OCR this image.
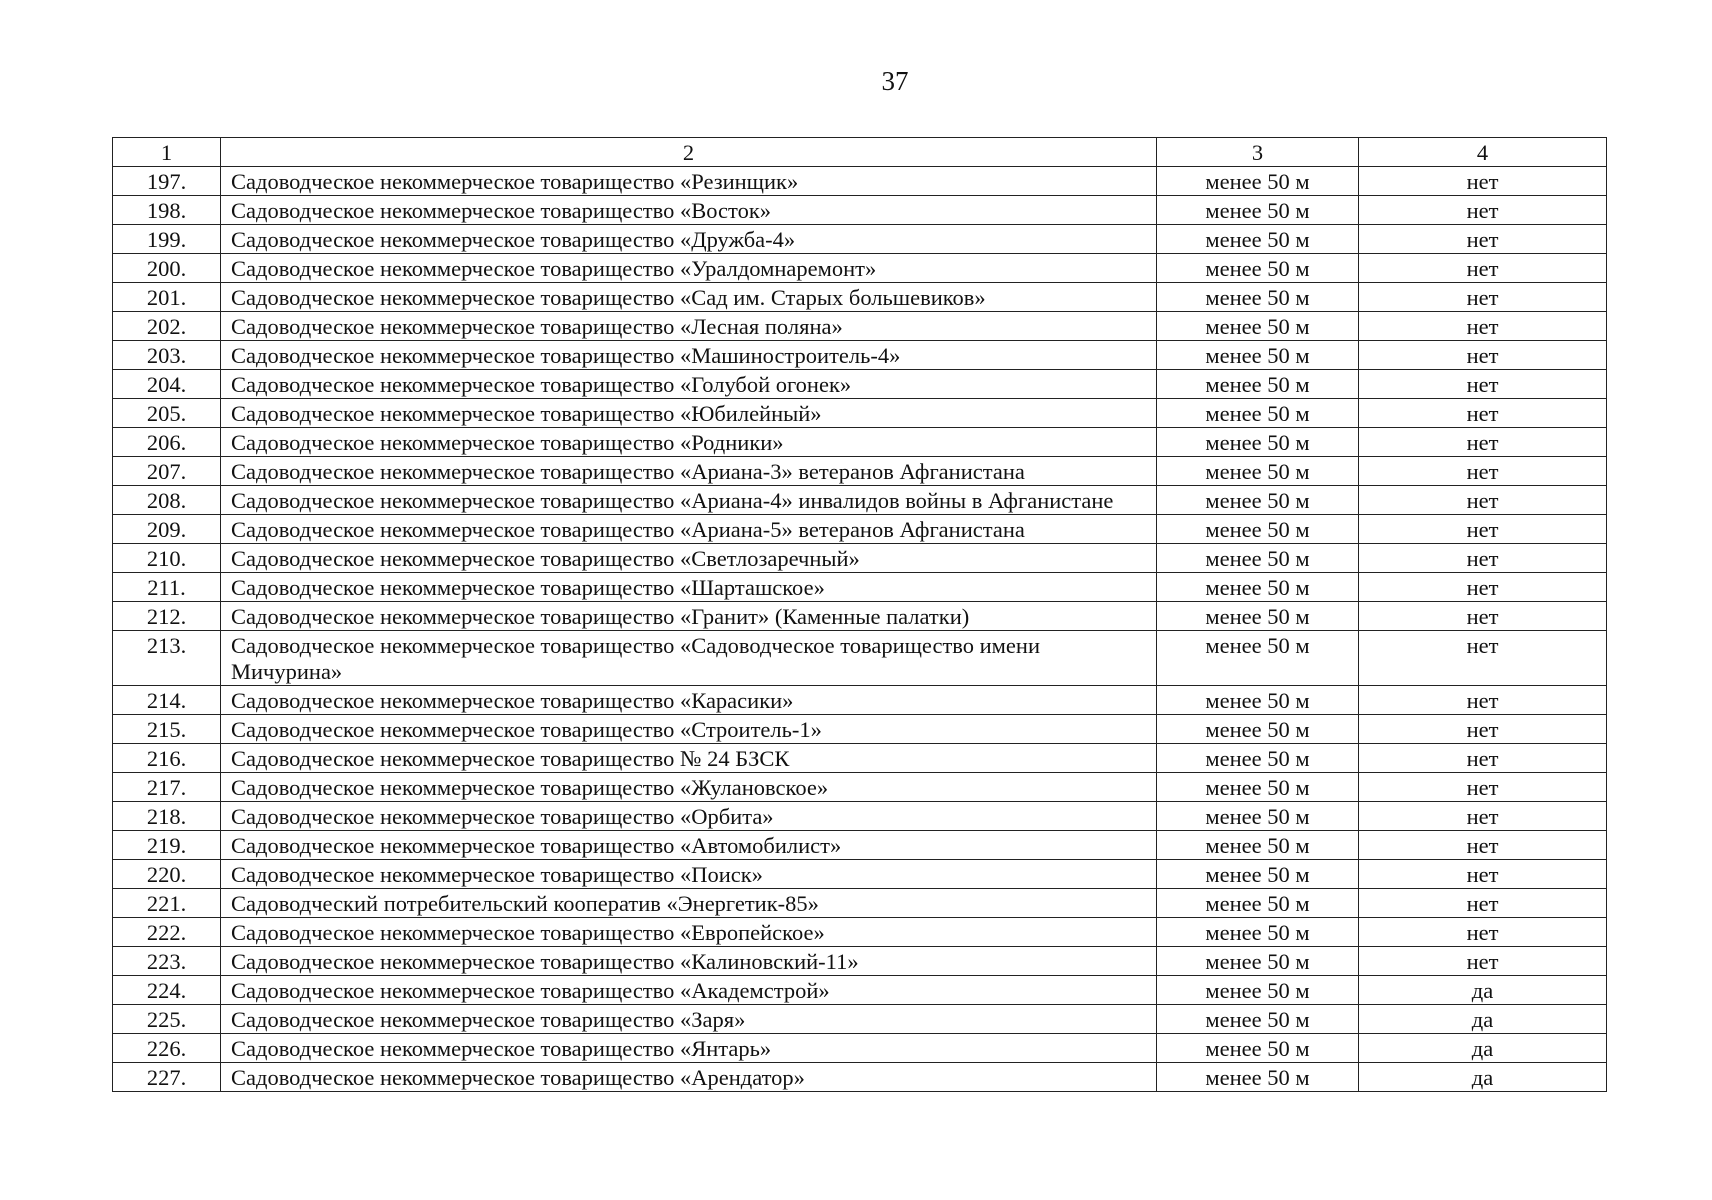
37
1	2	3	4
197.	Садоводческое некоммерческое товарищество «Резинщик»	менее 50 м	нет
198.	Садоводческое некоммерческое товарищество «Восток»	менее 50 м	нет
199.	Садоводческое некоммерческое товарищество «Дружба-4»	менее 50 м	нет
200.	Садоводческое некоммерческое товарищество «Уралдомнаремонт»	менее 50 м	нет
201.	Садоводческое некоммерческое товарищество «Сад им. Старых большевиков»	менее 50 м	нет
202.	Садоводческое некоммерческое товарищество «Лесная поляна»	менее 50 м	нет
203.	Садоводческое некоммерческое товарищество «Машиностроитель-4»	менее 50 м	нет
204.	Садоводческое некоммерческое товарищество «Голубой огонек»	менее 50 м	нет
205.	Садоводческое некоммерческое товарищество «Юбилейный»	менее 50 м	нет
206.	Садоводческое некоммерческое товарищество «Родники»	менее 50 м	нет
207.	Садоводческое некоммерческое товарищество «Ариана-3» ветеранов Афганистана	менее 50 м	нет
208.	Садоводческое некоммерческое товарищество «Ариана-4» инвалидов войны в Афганистане	менее 50 м	нет
209.	Садоводческое некоммерческое товарищество «Ариана-5» ветеранов Афганистана	менее 50 м	нет
210.	Садоводческое некоммерческое товарищество «Светлозаречный»	менее 50 м	нет
211.	Садоводческое некоммерческое товарищество «Шарташское»	менее 50 м	нет
212.	Садоводческое некоммерческое товарищество «Гранит» (Каменные палатки)	менее 50 м	нет
213.	Садоводческое некоммерческое товарищество «Садоводческое товарищество имени Мичурина»	менее 50 м	нет
214.	Садоводческое некоммерческое товарищество «Карасики»	менее 50 м	нет
215.	Садоводческое некоммерческое товарищество «Строитель-1»	менее 50 м	нет
216.	Садоводческое некоммерческое товарищество № 24 БЗСК	менее 50 м	нет
217.	Садоводческое некоммерческое товарищество «Жулановское»	менее 50 м	нет
218.	Садоводческое некоммерческое товарищество «Орбита»	менее 50 м	нет
219.	Садоводческое некоммерческое товарищество «Автомобилист»	менее 50 м	нет
220.	Садоводческое некоммерческое товарищество «Поиск»	менее 50 м	нет
221.	Садоводческий потребительский кооператив «Энергетик-85»	менее 50 м	нет
222.	Садоводческое некоммерческое товарищество «Европейское»	менее 50 м	нет
223.	Садоводческое некоммерческое товарищество «Калиновский-11»	менее 50 м	нет
224.	Садоводческое некоммерческое товарищество «Академстрой»	менее 50 м	да
225.	Садоводческое некоммерческое товарищество «Заря»	менее 50 м	да
226.	Садоводческое некоммерческое товарищество «Янтарь»	менее 50 м	да
227.	Садоводческое некоммерческое товарищество «Арендатор»	менее 50 м	да
